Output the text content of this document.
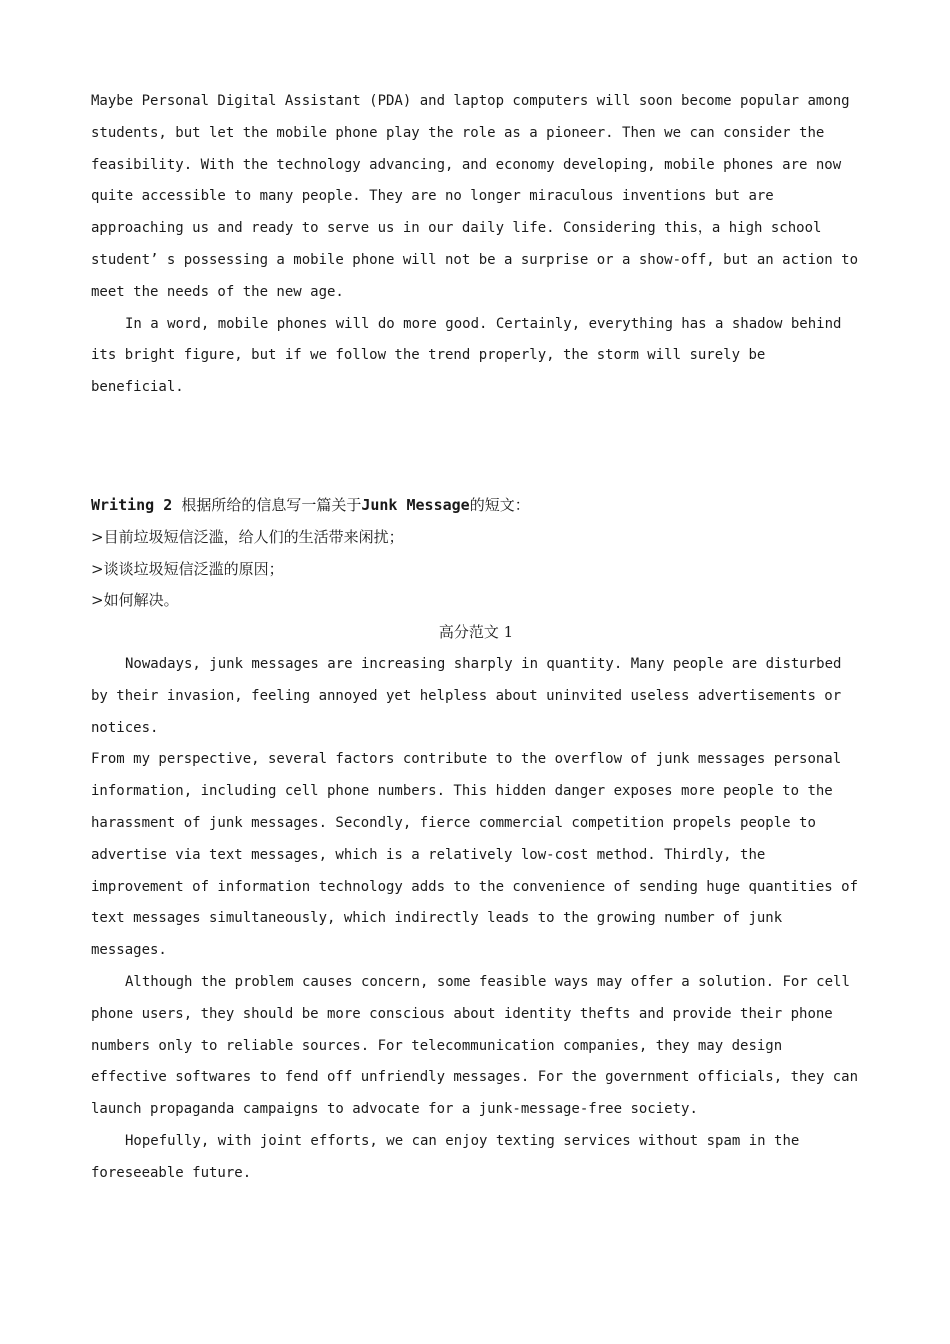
Maybe Personal Digital Assistant (PDA) and laptop computers will soon become popular among
students, but let the mobile phone play the role as a pioneer. Then we can consider the
feasibility. With the technology advancing, and economy developing, mobile phones are now
quite accessible to many people. They are no longer miraculous inventions but are
approaching us and ready to serve us in our daily life. Considering this，a high school
student’ s possessing a mobile phone will not be a surprise or a show-off, but an action to
meet the needs of the new age.
In a word, mobile phones will do more good. Certainly, everything has a shadow behind
its bright figure, but if we follow the trend properly, the storm will surely be
beneficial.
Writing 2 根据所给的信息写一篇关于Junk Message的短文：
>目前垃圾短信泛滥，给人们的生活带来闲扰；
>谈谈垃圾短信泛滥的原因；
>如何解决。
高分范文 1
Nowadays, junk messages are increasing sharply in quantity. Many people are disturbed
by their invasion, feeling annoyed yet helpless about uninvited useless advertisements or
notices.
From my perspective, several factors contribute to the overflow of junk messages personal
information, including cell phone numbers. This hidden danger exposes more people to the
harassment of junk messages. Secondly, fierce commercial competition propels people to
advertise via text messages, which is a relatively low-cost method. Thirdly, the
improvement of information technology adds to the convenience of sending huge quantities of
text messages simultaneously, which indirectly leads to the growing number of junk
messages.
Although the problem causes concern, some feasible ways may offer a solution. For cell
phone users, they should be more conscious about identity thefts and provide their phone
numbers only to reliable sources. For telecommunication companies, they may design
effective softwares to fend off unfriendly messages. For the government officials, they can
launch propaganda campaigns to advocate for a junk-message-free society.
Hopefully, with joint efforts, we can enjoy texting services without spam in the
foreseeable future.
